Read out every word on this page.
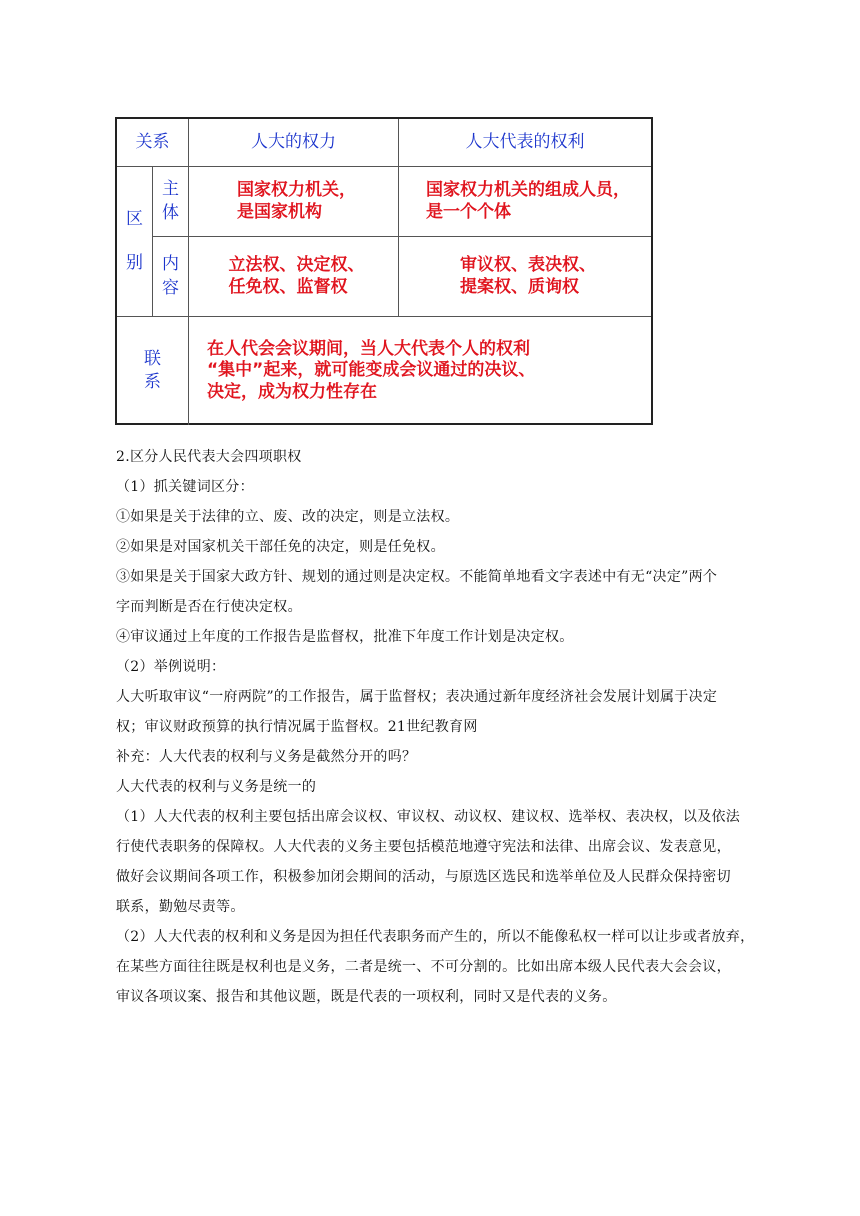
关系	人大的权力	人大代表的权利
区
别
主
体
国家权力机关，
是国家机构
国家权力机关的组成人员，
是一个个体
内
容
立法权、决定权、
任免权、监督权
审议权、表决权、
提案权、质询权
联
系
在人代会会议期间，当人大代表个人的权利
“集中”起来，就可能变成会议通过的决议、
决定，成为权力性存在

2.区分人民代表大会四项职权

（1）抓关键词区分：

①如果是关于法律的立、废、改的决定，则是立法权。

②如果是对国家机关干部任免的决定，则是任免权。

③如果是关于国家大政方针、规划的通过则是决定权。不能简单地看文字表述中有无“决定”两个

字而判断是否在行使决定权。

④审议通过上年度的工作报告是监督权，批准下年度工作计划是决定权。

（2）举例说明：

人大听取审议“一府两院”的工作报告，属于监督权；表决通过新年度经济社会发展计划属于决定

权；审议财政预算的执行情况属于监督权。21世纪教育网

补充：人大代表的权利与义务是截然分开的吗？

人大代表的权利与义务是统一的

（1）人大代表的权利主要包括出席会议权、审议权、动议权、建议权、选举权、表决权，以及依法

行使代表职务的保障权。人大代表的义务主要包括模范地遵守宪法和法律、出席会议、发表意见，

做好会议期间各项工作，积极参加闭会期间的活动，与原选区选民和选举单位及人民群众保持密切

联系，勤勉尽责等。

（2）人大代表的权利和义务是因为担任代表职务而产生的，所以不能像私权一样可以让步或者放弃，

在某些方面往往既是权利也是义务，二者是统一、不可分割的。比如出席本级人民代表大会会议，

审议各项议案、报告和其他议题，既是代表的一项权利，同时又是代表的义务。
